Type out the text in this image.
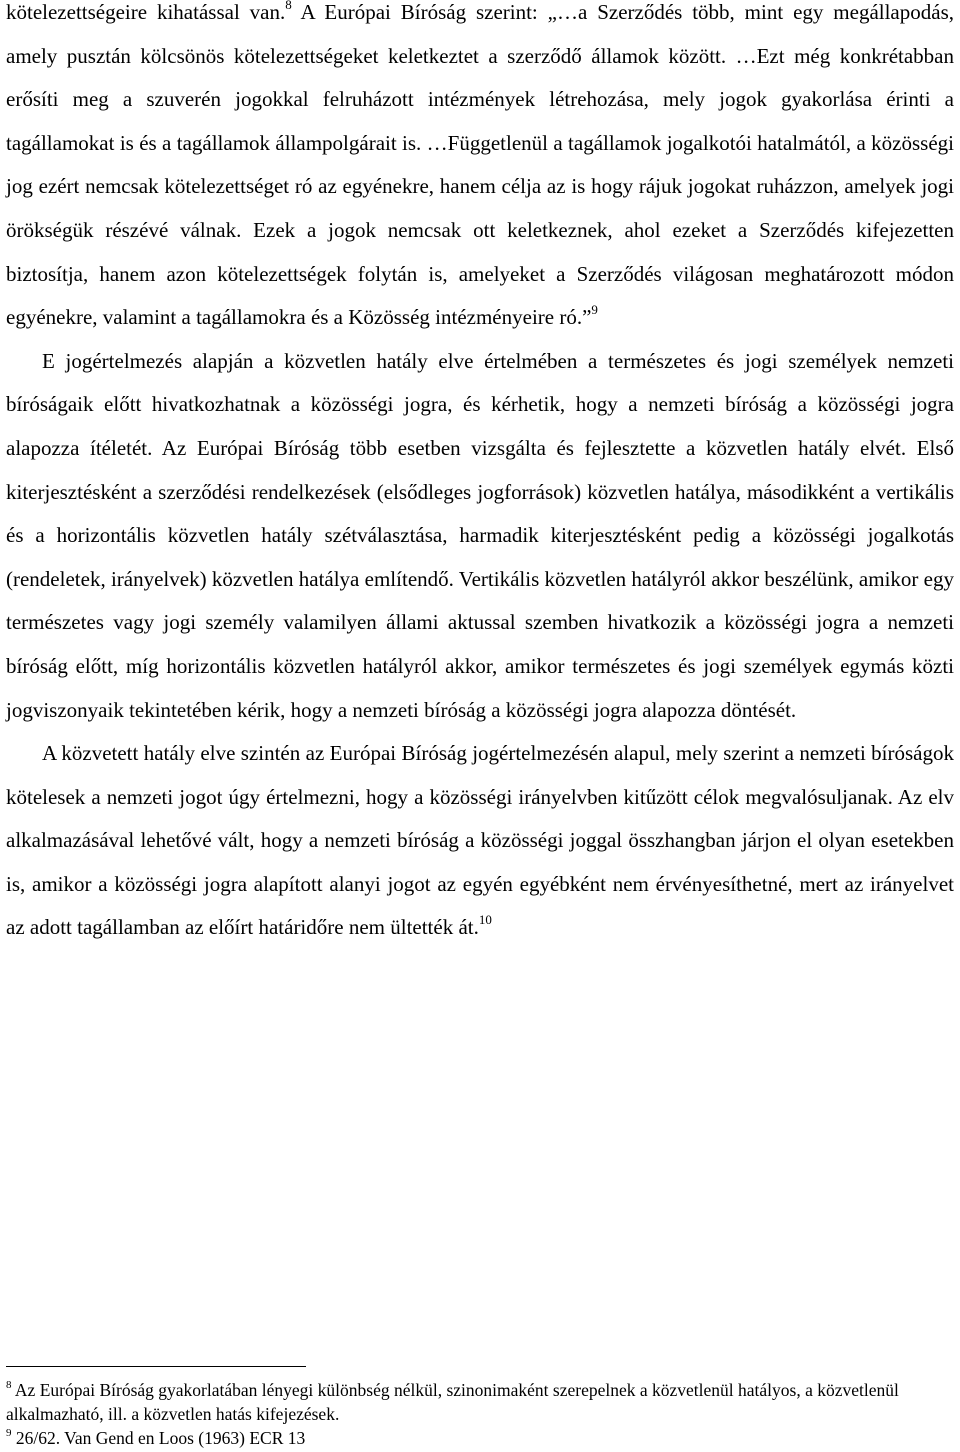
kötelezettségeire kihatással van.$^8$ A Európai Bíróság szerint: „…a Szerződés több, mint egy megállapodás, amely pusztán kölcsönös kötelezettségeket keletkeztet a szerződő államok között. …Ezt még konkrétabban erősíti meg a szuverén jogokkal felruházott intézmények létrehozása, mely jogok gyakorlása érinti a tagállamokat is és a tagállamok állampolgárait is. …Függetlenül a tagállamok jogalkotói hatalmától, a közösségi jog ezért nemcsak kötelezettséget ró az egyénekre, hanem célja az is hogy rájuk jogokat ruházzon, amelyek jogi örökségük részévé válnak. Ezek a jogok nemcsak ott keletkeznek, ahol ezeket a Szerződés kifejezetten biztosítja, hanem azon kötelezettségek folytán is, amelyeket a Szerződés világosan meghatározott módon egyénekre, valamint a tagállamokra és a Közösség intézményeire ró.”$^9$

E jogértelmezés alapján a közvetlen hatály elve értelmében a természetes és jogi személyek nemzeti bíróságaik előtt hivatkozhatnak a közösségi jogra, és kérhetik, hogy a nemzeti bíróság a közösségi jogra alapozza ítéletét. Az Európai Bíróság több esetben vizsgálta és fejlesztette a közvetlen hatály elvét. Első kiterjesztésként a szerződési rendelkezések (elsődleges jogforrások) közvetlen hatálya, másodikként a vertikális és a horizontális közvetlen hatály szétválasztása, harmadik kiterjesztésként pedig a közösségi jogalkotás (rendeletek, irányelvek) közvetlen hatálya említendő. Vertikális közvetlen hatályról akkor beszélünk, amikor egy természetes vagy jogi személy valamilyen állami aktussal szemben hivatkozik a közösségi jogra a nemzeti bíróság előtt, míg horizontális közvetlen hatályról akkor, amikor természetes és jogi személyek egymás közti jogviszonyaik tekintetében kérik, hogy a nemzeti bíróság a közösségi jogra alapozza döntését.

A közvetett hatály elve szintén az Európai Bíróság jogértelmezésén alapul, mely szerint a nemzeti bíróságok kötelesek a nemzeti jogot úgy értelmezni, hogy a közösségi irányelvben kitűzött célok megvalósuljanak. Az elv alkalmazásával lehetővé vált, hogy a nemzeti bíróság a közösségi joggal összhangban járjon el olyan esetekben is, amikor a közösségi jogra alapított alanyi jogot az egyén egyébként nem érvényesíthetné, mert az irányelvet az adott tagállamban az előírt határidőre nem ültették át.$^{10}$

$^8$ Az Európai Bíróság gyakorlatában lényegi különbség nélkül, szinonimaként szerepelnek a közvetlenül hatályos, a közvetlenül alkalmazható, ill. a közvetlen hatás kifejezések.

$^9$ 26/62. Van Gend en Loos (1963) ECR 13
